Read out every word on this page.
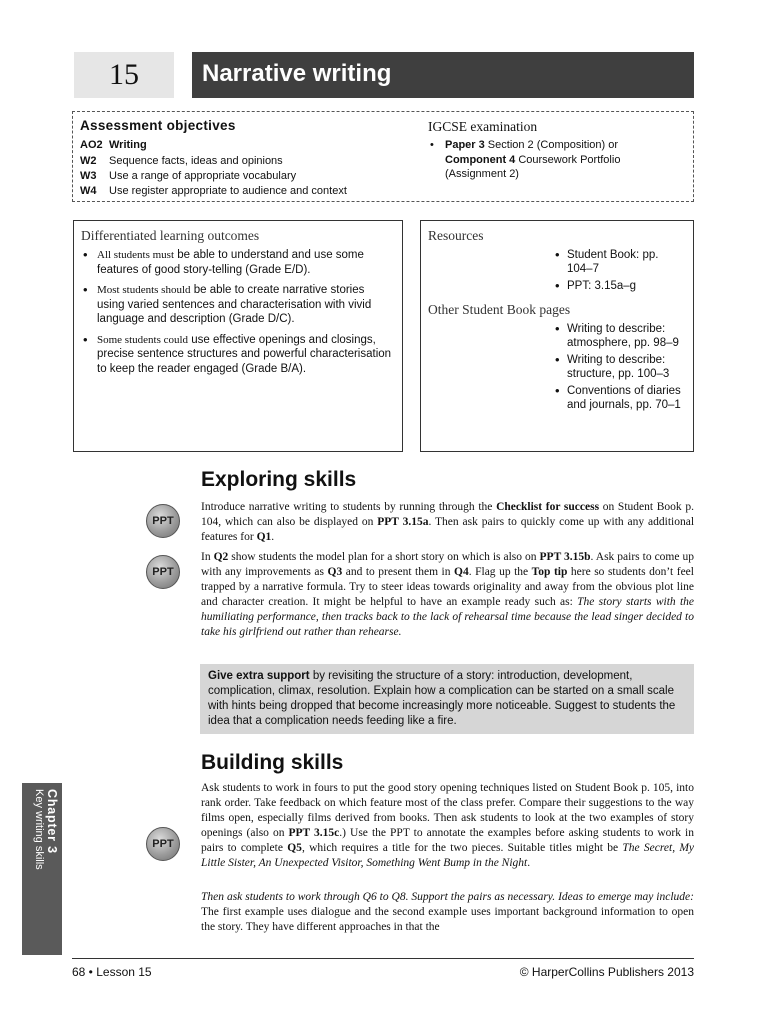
15	Narrative writing
Assessment objectives
AO2 Writing
W2 Sequence facts, ideas and opinions
W3 Use a range of appropriate vocabulary
W4 Use register appropriate to audience and context
IGCSE examination
• Paper 3 Section 2 (Composition) or
Component 4 Coursework Portfolio
(Assignment 2)
Differentiated learning outcomes
• All students must be able to understand and use some features of good story-telling (Grade E/D).
• Most students should be able to create narrative stories using varied sentences and characterisation with vivid language and description (Grade D/C).
• Some students could use effective openings and closings, precise sentence structures and powerful characterisation to keep the reader engaged (Grade B/A).
Resources
• Student Book: pp. 104–7
• PPT: 3.15a–g
Other Student Book pages
• Writing to describe: atmosphere, pp. 98–9
• Writing to describe: structure, pp. 100–3
• Conventions of diaries and journals, pp. 70–1
Exploring skills
PPT
Introduce narrative writing to students by running through the Checklist for success on Student Book p. 104, which can also be displayed on PPT 3.15a. Then ask pairs to quickly come up with any additional features for Q1.
PPT
In Q2 show students the model plan for a short story on which is also on PPT 3.15b. Ask pairs to come up with any improvements as Q3 and to present them in Q4. Flag up the Top tip here so students don’t feel trapped by a narrative formula. Try to steer ideas towards originality and away from the obvious plot line and character creation. It might be helpful to have an example ready such as: The story starts with the humiliating performance, then tracks back to the lack of rehearsal time because the lead singer decided to take his girlfriend out rather than rehearse.
Give extra support by revisiting the structure of a story: introduction, development, complication, climax, resolution. Explain how a complication can be started on a small scale with hints being dropped that become increasingly more noticeable. Suggest to students the idea that a complication needs feeding like a fire.
Building skills
PPT
Ask students to work in fours to put the good story opening techniques listed on Student Book p. 105, into rank order. Take feedback on which feature most of the class prefer. Compare their suggestions to the way films open, especially films derived from books. Then ask students to look at the two examples of story openings (also on PPT 3.15c.) Use the PPT to annotate the examples before asking students to work in pairs to complete Q5, which requires a title for the two pieces. Suitable titles might be The Secret, My Little Sister, An Unexpected Visitor, Something Went Bump in the Night.
Then ask students to work through Q6 to Q8. Support the pairs as necessary. Ideas to emerge may include: The first example uses dialogue and the second example uses important background information to open the story. They have different approaches in that the
Chapter 3
Key writing skills
68 • Lesson 15	© HarperCollins Publishers 2013
